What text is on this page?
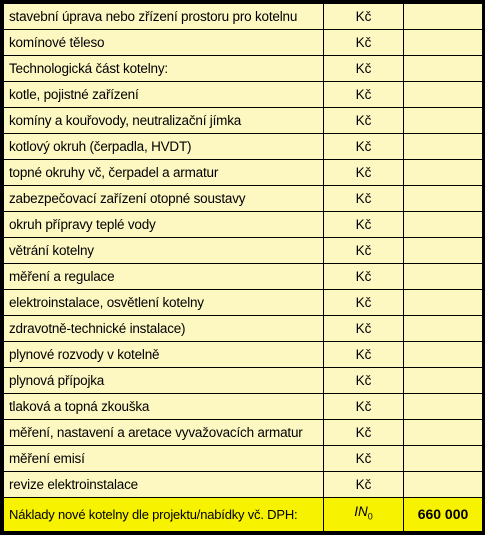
stavební úprava nebo zřízení prostoru pro kotelnu	Kč	
komínové těleso	Kč	
Technologická část kotelny:	Kč	
kotle, pojistné zařízení	Kč	
komíny a kouřovody, neutralizační jímka	Kč	
kotlový okruh (čerpadla, HVDT)	Kč	
topné okruhy vč, čerpadel a armatur	Kč	
zabezpečovací zařízení otopné soustavy	Kč	
okruh přípravy teplé vody	Kč	
větrání kotelny	Kč	
měření a regulace	Kč	
elektroinstalace, osvětlení kotelny	Kč	
zdravotně-technické instalace)	Kč	
plynové rozvody v kotelně	Kč	
plynová přípojka	Kč	
tlaková a topná zkouška	Kč	
měření, nastavení a aretace vyvažovacích armatur	Kč	
měření emisí	Kč	
revize elektroinstalace	Kč	
Náklady nové kotelny dle projektu/nabídky vč. DPH:	$IN_0$	660 000
